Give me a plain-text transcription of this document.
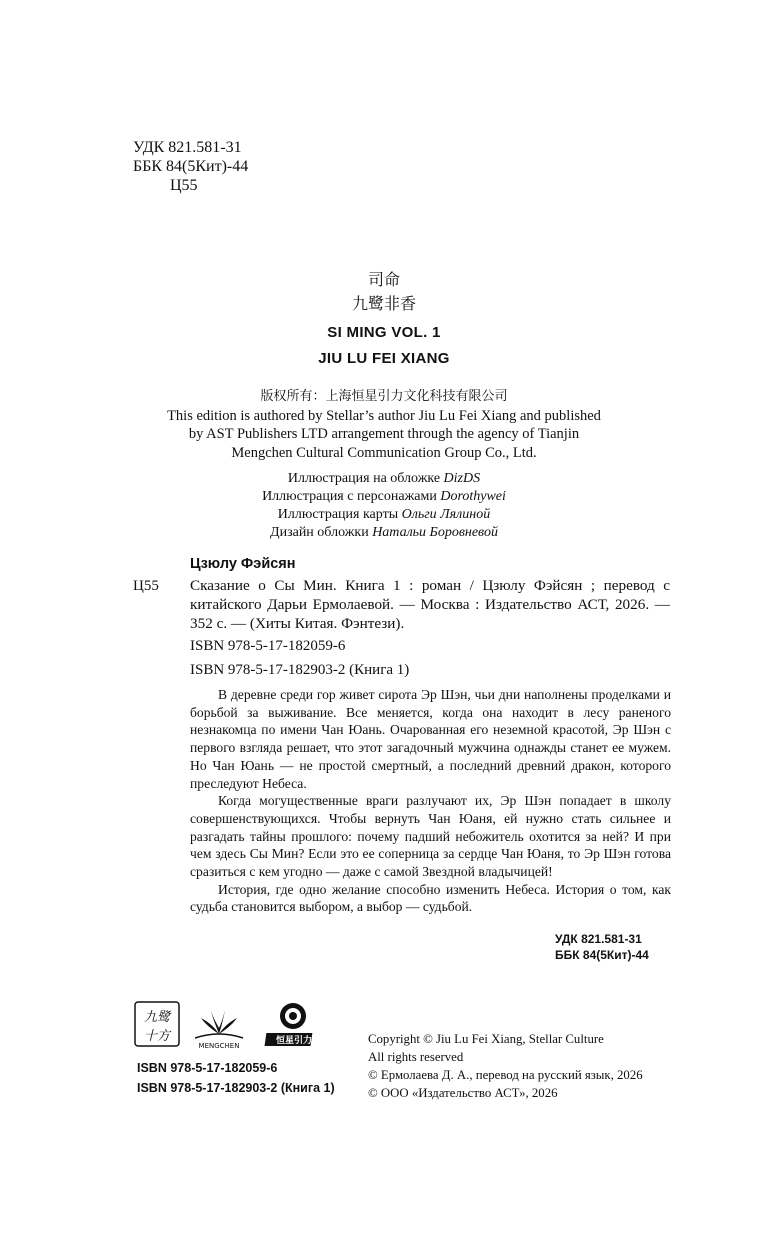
УДК 821.581-31
ББК 84(5Кит)-44
Ц55
司命
九鹭非香
SI MING VOL. 1
JIU LU FEI XIANG
版权所有：上海恒星引力文化科技有限公司
This edition is authored by Stellar’s author Jiu Lu Fei Xiang and published
by AST Publishers LTD arrangement through the agency of Tianjin
Mengchen Cultural Communication Group Co., Ltd.
Иллюстрация на обложке DizDS
Иллюстрация с персонажами Dorothywei
Иллюстрация карты Ольги Лялиной
Дизайн обложки Натальи Боровневой
Цзюлу Фэйсян
Ц55 Сказание о Сы Мин. Книга 1 : роман / Цзюлу Фэйсян ; перевод с китайского Дарьи Ермолаевой. — Москва : Издательство АСТ, 2026. — 352 с. — (Хиты Китая. Фэнтези).
ISBN 978-5-17-182059-6
ISBN 978-5-17-182903-2 (Книга 1)

В деревне среди гор живет сирота Эр Шэн, чьи дни наполнены проделками и борьбой за выживание. Все меняется, когда она находит в лесу раненого незнакомца по имени Чан Юань. Очарованная его неземной красотой, Эр Шэн с первого взгляда решает, что этот загадочный мужчина однажды станет ее мужем. Но Чан Юань — не простой смертный, а последний древний дракон, которого преследуют Небеса.

Когда могущественные враги разлучают их, Эр Шэн попадает в школу совершенствующихся. Чтобы вернуть Чан Юаня, ей нужно стать сильнее и разгадать тайны прошлого: почему падший небожитель охотится за ней? И при чем здесь Сы Мин? Если это ее соперница за сердце Чан Юаня, то Эр Шэн готова сразиться с кем угодно — даже с самой Звездной владычицей!

История, где одно желание способно изменить Небеса. История о том, как судьба становится выбором, а выбор — судьбой.

УДК 821.581-31
ББК 84(5Кит)-44
九鹭
十方
MENGCHEN	恒星引力
ISBN 978-5-17-182059-6
ISBN 978-5-17-182903-2 (Книга 1)
Copyright © Jiu Lu Fei Xiang, Stellar Culture
All rights reserved
© Ермолаева Д. А., перевод на русский язык, 2026
© ООО «Издательство АСТ», 2026
